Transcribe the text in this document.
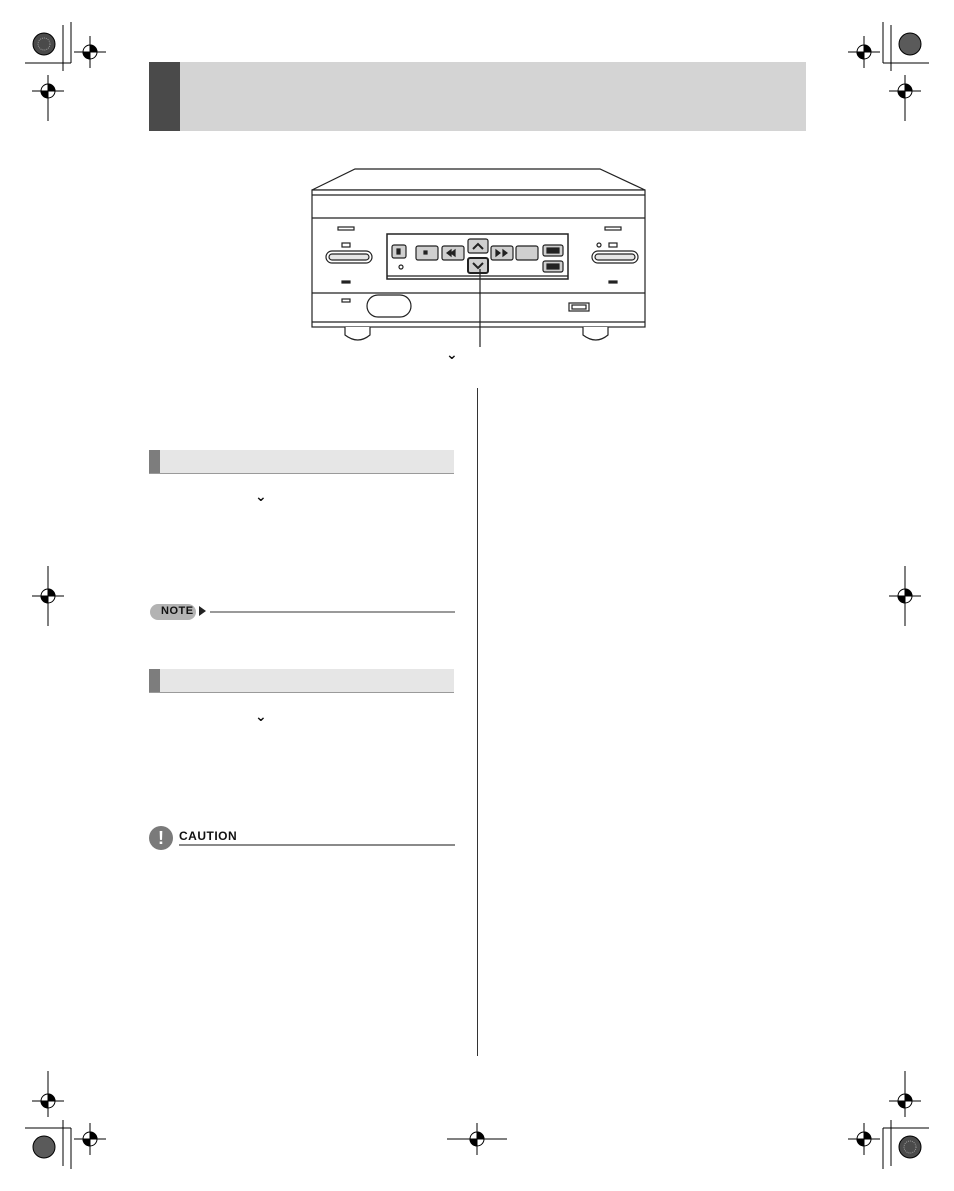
⌄
⌄
NOTE
⌄
!	CAUTION
